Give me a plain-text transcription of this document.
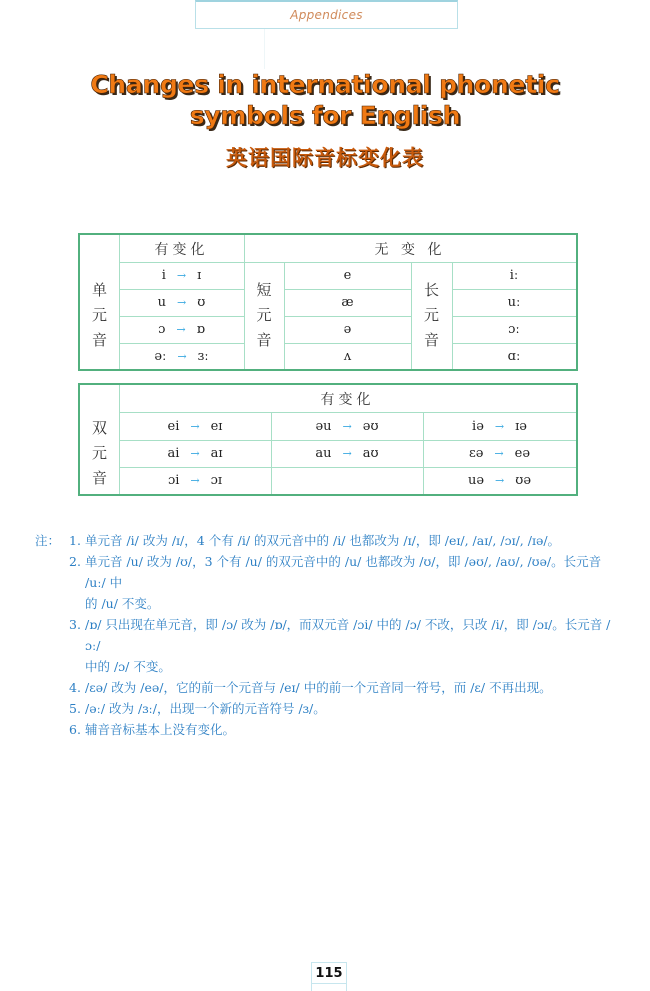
Appendices
Changes in international phonetic
symbols for English
英语国际音标变化表
单
元
音
有变化	无 变 化
i → ɪ
u → ʊ
ɔ → ɒ
əː → ɜː
短
元
音
e
æ
ə
ʌ
长
元
音
iː
uː
ɔː
ɑː
双
元
音
有变化
ei → eɪ
ai → aɪ
ɔi → ɔɪ
əu → əʊ
au → aʊ
iə → ɪə
ɛə → eə
uə → ʊə
注： 1. 单元音 /i/ 改为 /ɪ/，4 个有 /i/ 的双元音中的 /i/ 也都改为 /ɪ/，即 /eɪ/, /aɪ/, /ɔɪ/, /ɪə/。
2. 单元音 /u/ 改为 /ʊ/，3 个有 /u/ 的双元音中的 /u/ 也都改为 /ʊ/，即 /əʊ/, /aʊ/, /ʊə/。长元音 /uː/ 中
的 /u/ 不变。
3. /ɒ/ 只出现在单元音，即 /ɔ/ 改为 /ɒ/，而双元音 /ɔi/ 中的 /ɔ/ 不改，只改 /i/，即 /ɔɪ/。长元音 /ɔː/
中的 /ɔ/ 不变。
4. /ɛə/ 改为 /eə/，它的前一个元音与 /eɪ/ 中的前一个元音同一符号，而 /ɛ/ 不再出现。
5. /əː/ 改为 /ɜː/，出现一个新的元音符号 /ɜ/。
6. 辅音音标基本上没有变化。
115
